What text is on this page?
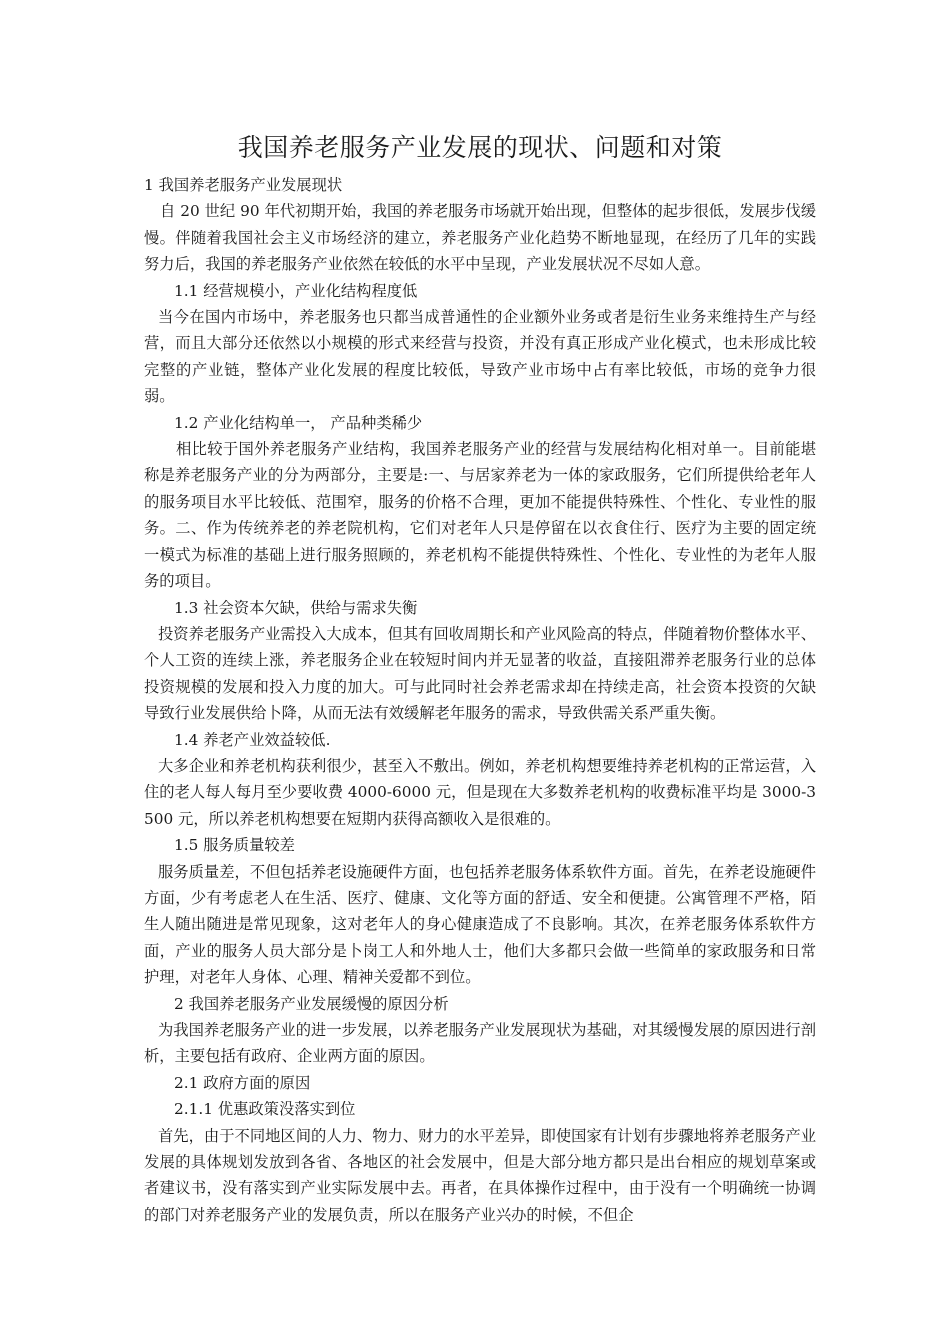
我国养老服务产业发展的现状、问题和对策

1 我国养老服务产业发展现状

自 20 世纪 90 年代初期开始，我国的养老服务市场就开始出现，但整体的起步很低，发展步伐缓慢。伴随着我国社会主义市场经济的建立，养老服务产业化趋势不断地显现，在经历了几年的实践努力后，我国的养老服务产业依然在较低的水平中呈现，产业发展状况不尽如人意。

1.1 经营规模小，产业化结构程度低

当今在国内市场中，养老服务也只都当成普通性的企业额外业务或者是衍生业务来维持生产与经营，而且大部分还依然以小规模的形式来经营与投资，并没有真正形成产业化模式，也未形成比较完整的产业链，整体产业化发展的程度比较低，导致产业市场中占有率比较低，市场的竞争力很弱。

1.2 产业化结构单一， 产品种类稀少

相比较于国外养老服务产业结构，我国养老服务产业的经营与发展结构化相对单一。目前能堪称是养老服务产业的分为两部分，主要是:一、与居家养老为一体的家政服务，它们所提供给老年人的服务项目水平比较低、范围窄，服务的价格不合理，更加不能提供特殊性、个性化、专业性的服务。二、作为传统养老的养老院机构，它们对老年人只是停留在以衣食住行、医疗为主要的固定统一模式为标准的基础上进行服务照顾的，养老机构不能提供特殊性、个性化、专业性的为老年人服务的项目。

1.3 社会资本欠缺，供给与需求失衡

投资养老服务产业需投入大成本，但其有回收周期长和产业风险高的特点，伴随着物价整体水平、个人工资的连续上涨，养老服务企业在较短时间内并无显著的收益，直接阻滞养老服务行业的总体投资规模的发展和投入力度的加大。可与此同时社会养老需求却在持续走高，社会资本投资的欠缺导致行业发展供给卜降，从而无法有效缓解老年服务的需求，导致供需关系严重失衡。

1.4 养老产业效益较低.

大多企业和养老机构获利很少，甚至入不敷出。例如，养老机构想要维持养老机构的正常运营，入住的老人每人每月至少要收费 4000-6000 元，但是现在大多数养老机构的收费标准平均是 3000-3500 元，所以养老机构想要在短期内获得高额收入是很难的。

1.5 服务质量较差

服务质量差，不但包括养老设施硬件方面，也包括养老服务体系软件方面。首先，在养老设施硬件方面，少有考虑老人在生活、医疗、健康、文化等方面的舒适、安全和便捷。公寓管理不严格，陌生人随出随进是常见现象，这对老年人的身心健康造成了不良影响。其次，在养老服务体系软件方面，产业的服务人员大部分是卜岗工人和外地人士，他们大多都只会做一些简单的家政服务和日常护理，对老年人身体、心理、精神关爱都不到位。

2 我国养老服务产业发展缓慢的原因分析

为我国养老服务产业的进一步发展，以养老服务产业发展现状为基础，对其缓慢发展的原因进行剖析，主要包括有政府、企业两方面的原因。

2.1 政府方面的原因

2.1.1 优惠政策没落实到位

首先，由于不同地区间的人力、物力、财力的水平差异，即使国家有计划有步骤地将养老服务产业发展的具体规划发放到各省、各地区的社会发展中，但是大部分地方都只是出台相应的规划草案或者建议书，没有落实到产业实际发展中去。再者，在具体操作过程中，由于没有一个明确统一协调的部门对养老服务产业的发展负责，所以在服务产业兴办的时候，不但企
